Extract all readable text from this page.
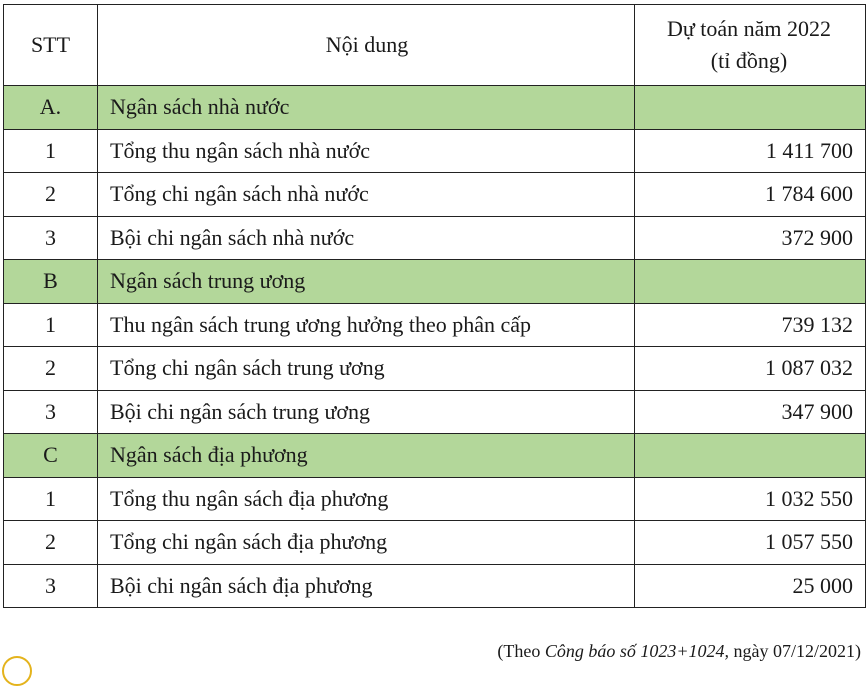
STT	Nội dung	Dự toán năm 2022
(tỉ đồng)

A.	Ngân sách nhà nước	
1	Tổng thu ngân sách nhà nước	1 411 700
2	Tổng chi ngân sách nhà nước	1 784 600
3	Bội chi ngân sách nhà nước	372 900
B	Ngân sách trung ương	
1	Thu ngân sách trung ương hưởng theo phân cấp	739 132
2	Tổng chi ngân sách trung ương	1 087 032
3	Bội chi ngân sách trung ương	347 900
C	Ngân sách địa phương	
1	Tổng thu ngân sách địa phương	1 032 550
2	Tổng chi ngân sách địa phương	1 057 550
3	Bội chi ngân sách địa phương	25 000
(Theo Công báo số 1023+1024, ngày 07/12/2021)
